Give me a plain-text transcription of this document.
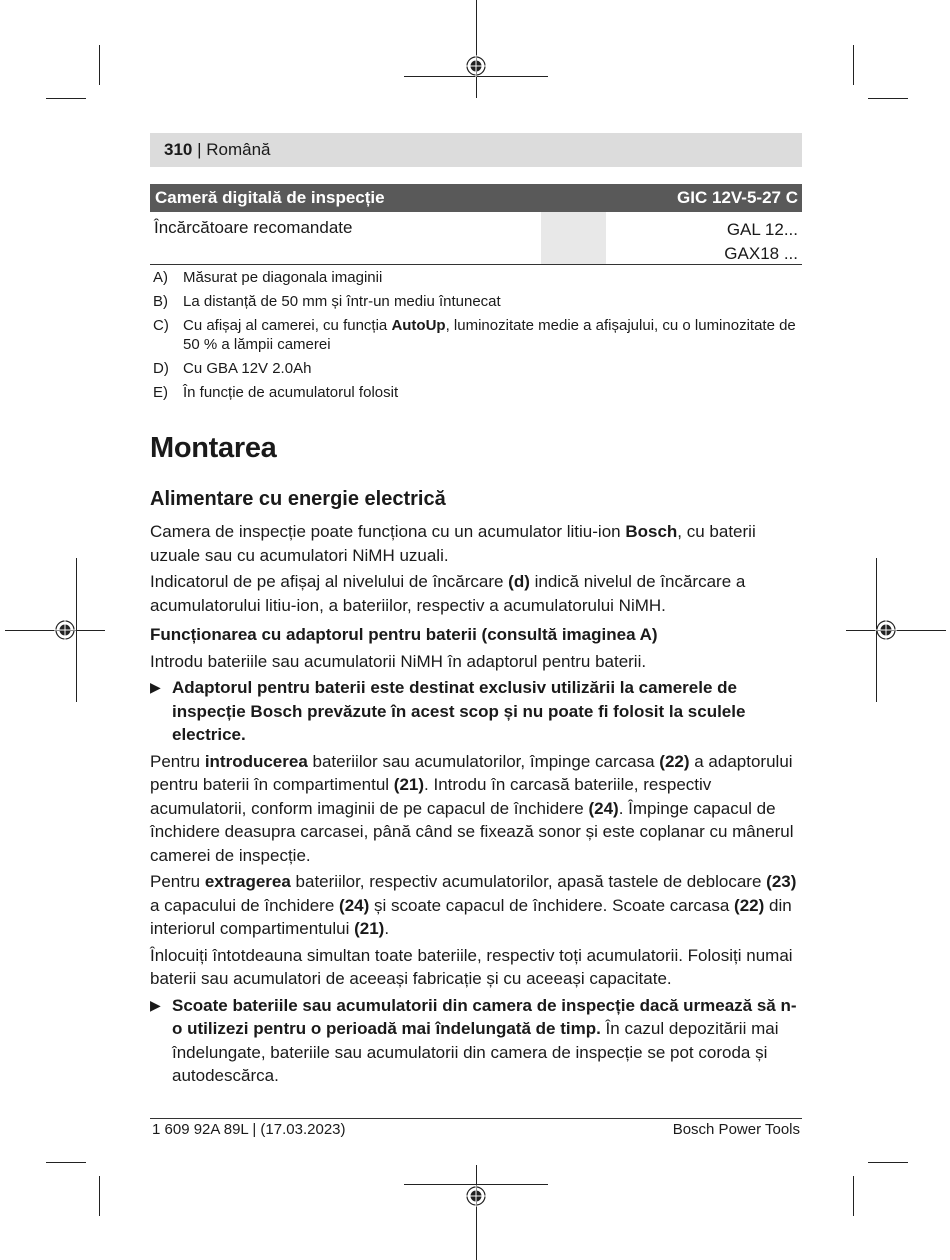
310 | Română
Cameră digitală de inspecție	GIC 12V-5-27 C
Încărcătoare recomandate	GAL 12...
GAX18 ...
A)	Măsurat pe diagonala imaginii
B)	La distanță de 50 mm și într-un mediu întunecat
C) Cu afișaj al camerei, cu funcția AutoUp, luminozitate medie a afișajului, cu o luminozitate de 50 % a lămpii camerei
D) Cu GBA 12V 2.0Ah
E)	În funcție de acumulatorul folosit
Montarea
Alimentare cu energie electrică

Camera de inspecție poate funcționa cu un acumulator litiu-ion Bosch, cu baterii uzuale sau cu acumulatori NiMH uzuali.

Indicatorul de pe afișaj al nivelului de încărcare (d) indică nivelul de încărcare a acumulatorului litiu-ion, a bateriilor, respectiv a acumulatorului NiMH.

Funcționarea cu adaptorul pentru baterii (consultă imaginea A)

Introdu bateriile sau acumulatorii NiMH în adaptorul pentru baterii.

▶ Adaptorul pentru baterii este destinat exclusiv utilizării la camerele de inspecție Bosch prevăzute în acest scop și nu poate fi folosit la sculele electrice.

Pentru introducerea bateriilor sau acumulatorilor, împinge carcasa (22) a adaptorului pentru baterii în compartimentul (21). Introdu în carcasă bateriile, respectiv acumulatorii, conform imaginii de pe capacul de închidere (24). Împinge capacul de închidere deasupra carcasei, până când se fixează sonor și este coplanar cu mânerul camerei de inspecție.

Pentru extragerea bateriilor, respectiv acumulatorilor, apasă tastele de deblocare (23) a capacului de închidere (24) și scoate capacul de închidere. Scoate carcasa (22) din interiorul compartimentului (21).

Înlocuiți întotdeauna simultan toate bateriile, respectiv toți acumulatorii. Folosiți numai baterii sau acumulatori de aceeași fabricație și cu aceeași capacitate.

▶ Scoate bateriile sau acumulatorii din camera de inspecție dacă urmează să n-o utilizezi pentru o perioadă mai îndelungată de timp. În cazul depozitării mai îndelungate, bateriile sau acumulatorii din camera de inspecție se pot coroda și autodescărca.
1 609 92A 89L | (17.03.2023)	Bosch Power Tools
